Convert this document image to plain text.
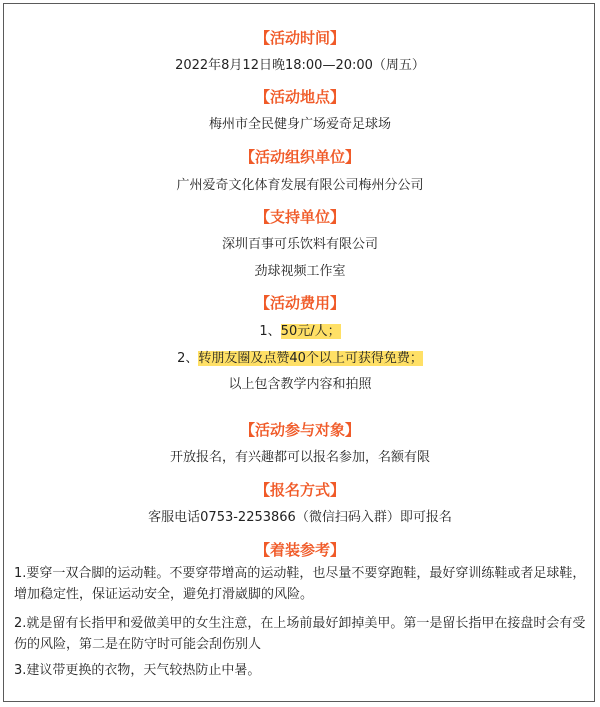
【活动时间】
2022年8月12日晚18:00—20:00（周五）
【活动地点】
梅州市全民健身广场爱奇足球场
【活动组织单位】
广州爱奇文化体育发展有限公司梅州分公司
【支持单位】
深圳百事可乐饮料有限公司
劲球视频工作室
【活动费用】
1、50元/人；
2、转朋友圈及点赞40个以上可获得免费；
以上包含教学内容和拍照
【活动参与对象】
开放报名，有兴趣都可以报名参加，名额有限
【报名方式】
客服电话0753-2253866（微信扫码入群）即可报名
【着装参考】
1.要穿一双合脚的运动鞋。不要穿带增高的运动鞋，也尽量不要穿跑鞋，最好穿训练鞋或者足球鞋，增加稳定性，保证运动安全，避免打滑崴脚的风险。
2.就是留有长指甲和爱做美甲的女生注意，在上场前最好卸掉美甲。第一是留长指甲在接盘时会有受伤的风险，第二是在防守时可能会刮伤别人
3.建议带更换的衣物，天气较热防止中暑。
